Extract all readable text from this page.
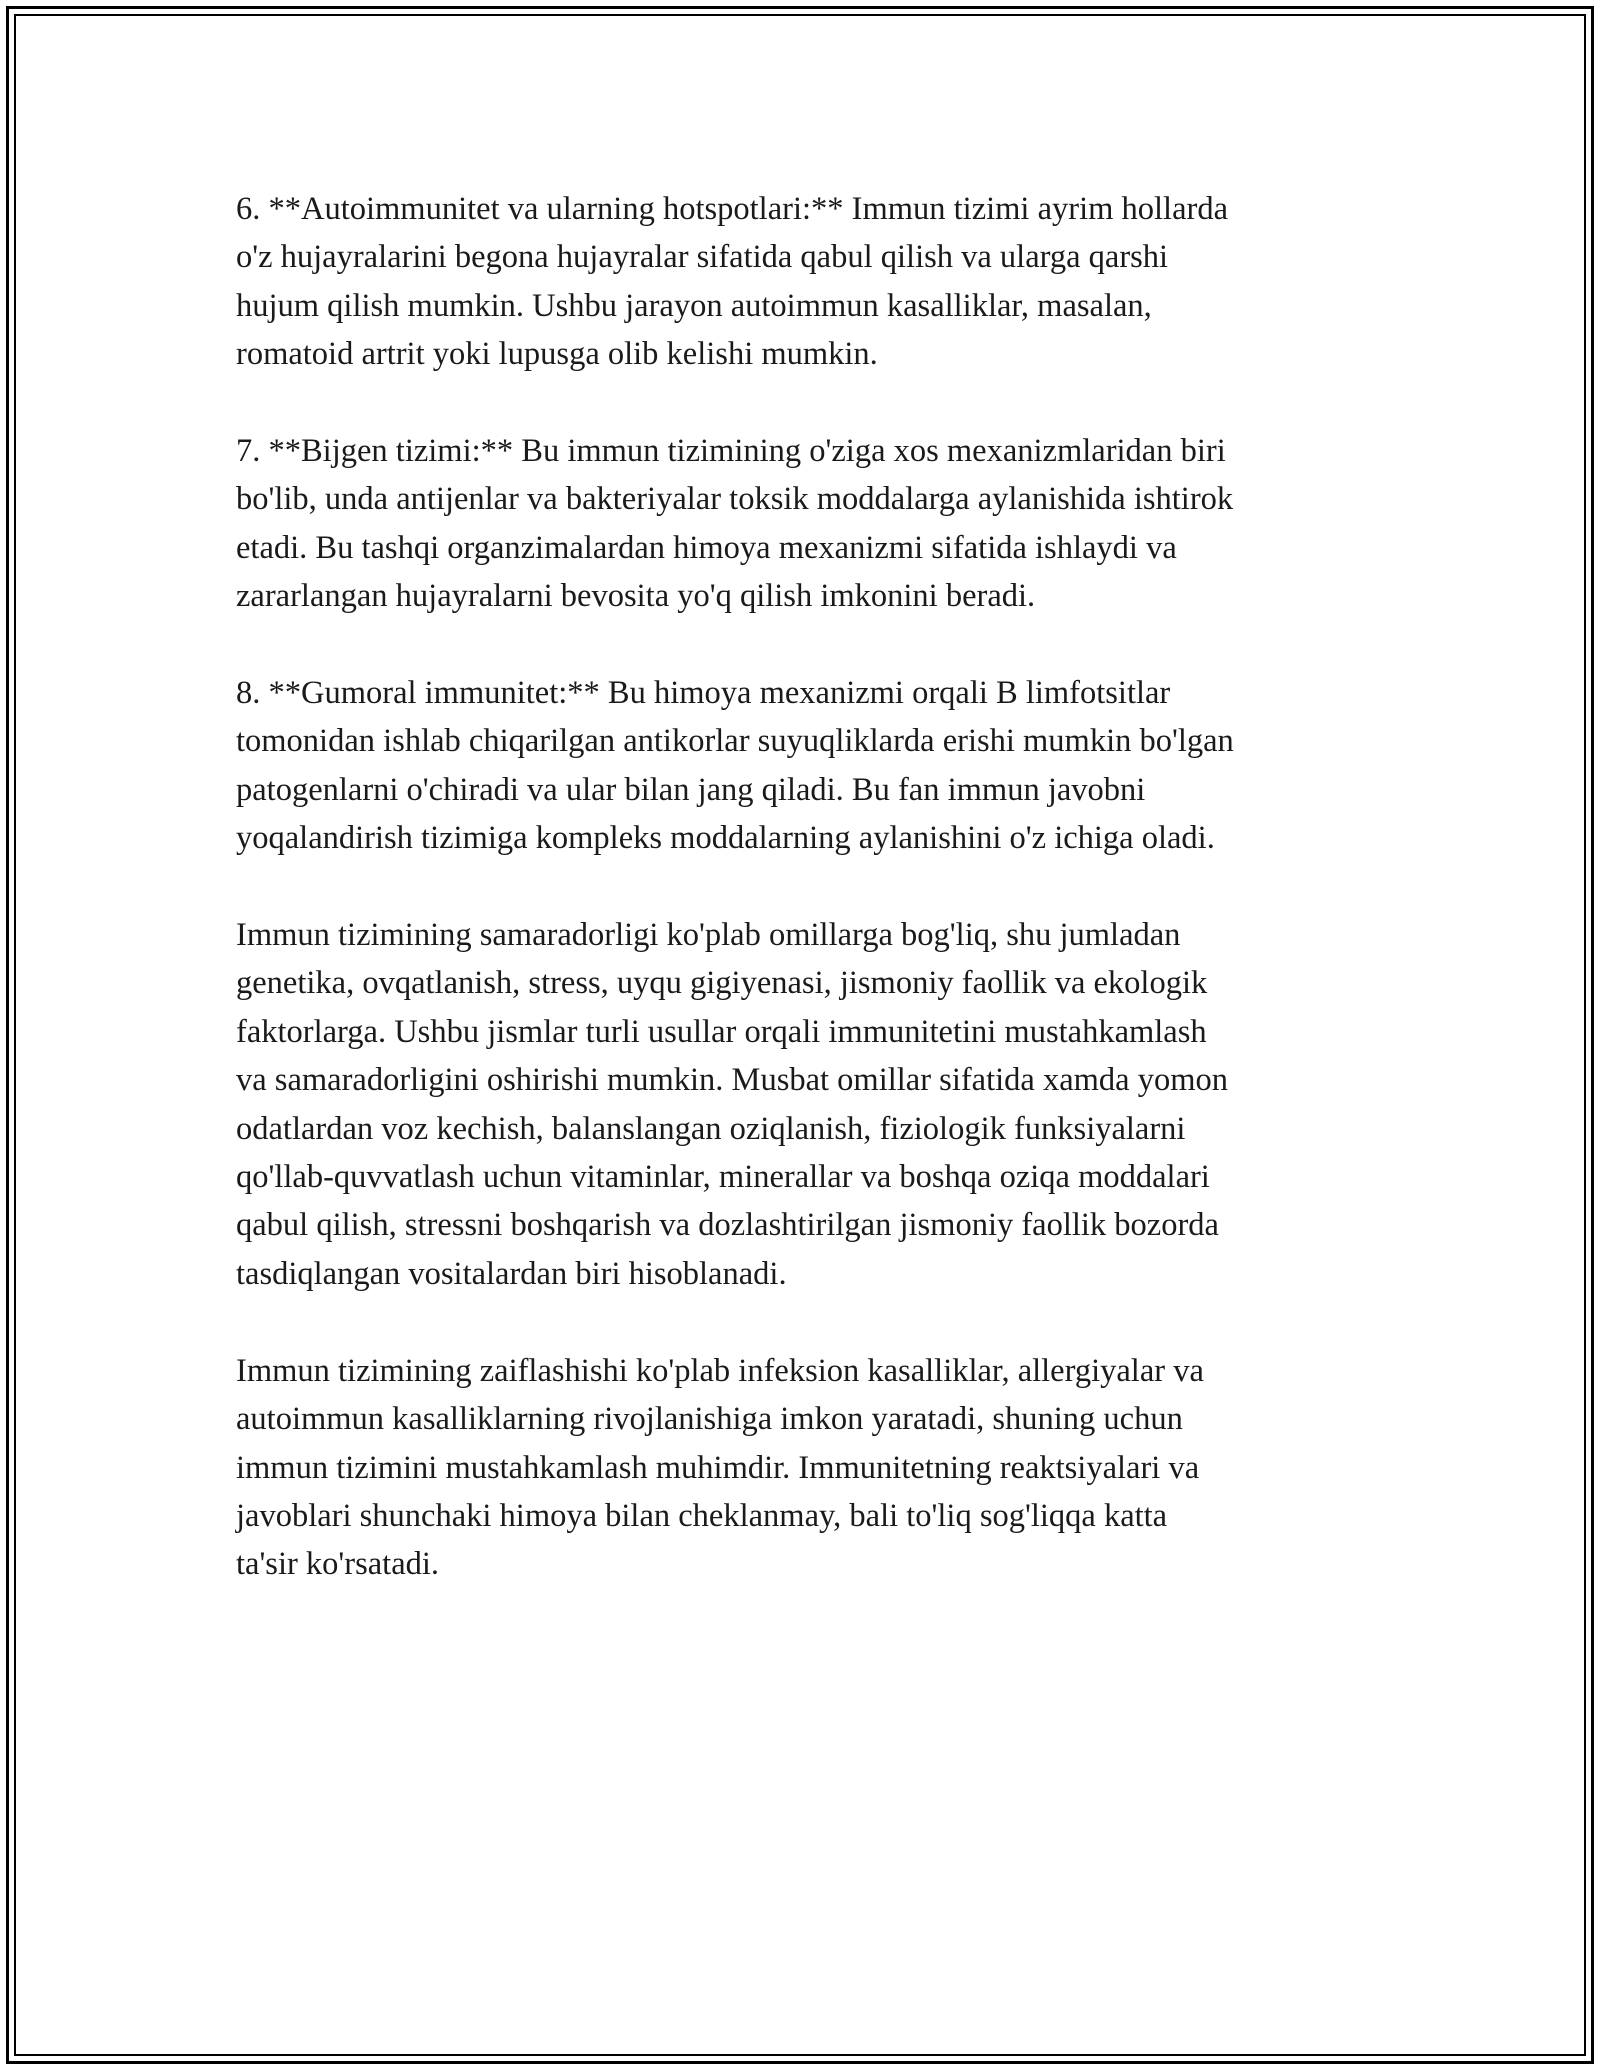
6. **Autoimmunitet va ularning hotspotlari:** Immun tizimi ayrim hollarda
o'z hujayralarini begona hujayralar sifatida qabul qilish va ularga qarshi
hujum qilish mumkin. Ushbu jarayon autoimmun kasalliklar, masalan,
romatoid artrit yoki lupusga olib kelishi mumkin.

7. **Bijgen tizimi:** Bu immun tizimining o'ziga xos mexanizmlaridan biri
bo'lib, unda antijenlar va bakteriyalar toksik moddalarga aylanishida ishtirok
etadi. Bu tashqi organzimalardan himoya mexanizmi sifatida ishlaydi va
zararlangan hujayralarni bevosita yo'q qilish imkonini beradi.

8. **Gumoral immunitet:** Bu himoya mexanizmi orqali B limfotsitlar
tomonidan ishlab chiqarilgan antikorlar suyuqliklarda erishi mumkin bo'lgan
patogenlarni o'chiradi va ular bilan jang qiladi. Bu fan immun javobni
yoqalandirish tizimiga kompleks moddalarning aylanishini o'z ichiga oladi.

Immun tizimining samaradorligi ko'plab omillarga bog'liq, shu jumladan
genetika, ovqatlanish, stress, uyqu gigiyenasi, jismoniy faollik va ekologik
faktorlarga. Ushbu jismlar turli usullar orqali immunitetini mustahkamlash
va samaradorligini oshirishi mumkin. Musbat omillar sifatida xamda yomon
odatlardan voz kechish, balanslangan oziqlanish, fiziologik funksiyalarni
qo'llab-quvvatlash uchun vitaminlar, minerallar va boshqa oziqa moddalari
qabul qilish, stressni boshqarish va dozlashtirilgan jismoniy faollik bozorda
tasdiqlangan vositalardan biri hisoblanadi.

Immun tizimining zaiflashishi ko'plab infeksion kasalliklar, allergiyalar va
autoimmun kasalliklarning rivojlanishiga imkon yaratadi, shuning uchun
immun tizimini mustahkamlash muhimdir. Immunitetning reaktsiyalari va
javoblari shunchaki himoya bilan cheklanmay, bali to'liq sog'liqqa katta
ta'sir ko'rsatadi.
